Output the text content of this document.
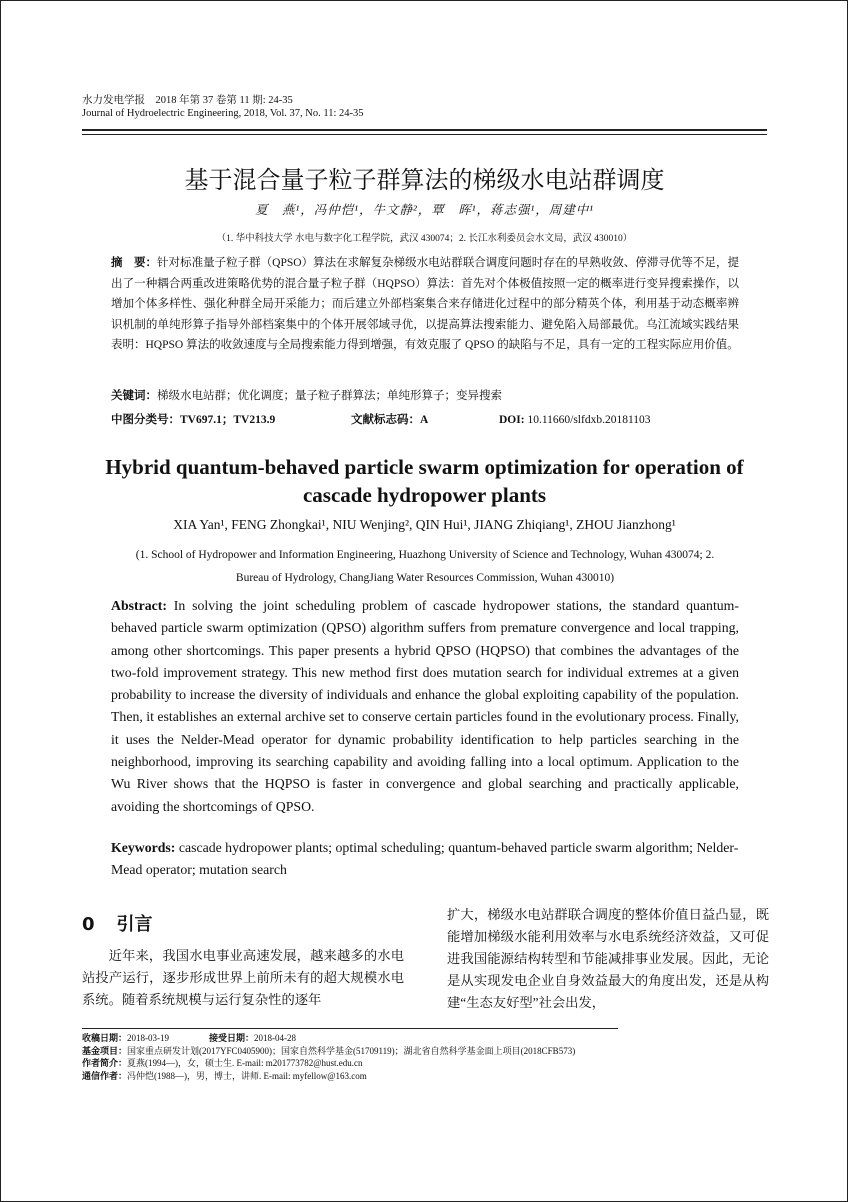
水力发电学报　2018 年第 37 卷第 11 期: 24-35
Journal of Hydroelectric Engineering, 2018, Vol. 37, No. 11: 24-35
基于混合量子粒子群算法的梯级水电站群调度
夏　燕¹，冯仲恺¹，牛文静²，覃　晖¹，蒋志强¹，周建中¹
（1. 华中科技大学 水电与数字化工程学院，武汉 430074；2. 长江水利委员会水文局，武汉 430010）
摘　要：针对标准量子粒子群（QPSO）算法在求解复杂梯级水电站群联合调度问题时存在的早熟收敛、停滞寻优等不足，提出了一种耦合两重改进策略优势的混合量子粒子群（HQPSO）算法：首先对个体极值按照一定的概率进行变异搜索操作，以增加个体多样性、强化种群全局开采能力；而后建立外部档案集合来存储进化过程中的部分精英个体，利用基于动态概率辨识机制的单纯形算子指导外部档案集中的个体开展邻域寻优，以提高算法搜索能力、避免陷入局部最优。乌江流域实践结果表明：HQPSO 算法的收敛速度与全局搜索能力得到增强，有效克服了 QPSO 的缺陷与不足，具有一定的工程实际应用价值。
关键词：梯级水电站群；优化调度；量子粒子群算法；单纯形算子；变异搜索
中图分类号：TV697.1；TV213.9	文献标志码：A	DOI: 10.11660/slfdxb.20181103
Hybrid quantum-behaved particle swarm optimization for operation of cascade hydropower plants
XIA Yan¹, FENG Zhongkai¹, NIU Wenjing², QIN Hui¹, JIANG Zhiqiang¹, ZHOU Jianzhong¹
(1. School of Hydropower and Information Engineering, Huazhong University of Science and Technology, Wuhan 430074; 2. Bureau of Hydrology, ChangJiang Water Resources Commission, Wuhan 430010)
Abstract: In solving the joint scheduling problem of cascade hydropower stations, the standard quantum-behaved particle swarm optimization (QPSO) algorithm suffers from premature convergence and local trapping, among other shortcomings. This paper presents a hybrid QPSO (HQPSO) that combines the advantages of the two-fold improvement strategy. This new method first does mutation search for individual extremes at a given probability to increase the diversity of individuals and enhance the global exploiting capability of the population. Then, it establishes an external archive set to conserve certain particles found in the evolutionary process. Finally, it uses the Nelder-Mead operator for dynamic probability identification to help particles searching in the neighborhood, improving its searching capability and avoiding falling into a local optimum. Application to the Wu River shows that the HQPSO is faster in convergence and global searching and practically applicable, avoiding the shortcomings of QPSO.
Keywords: cascade hydropower plants; optimal scheduling; quantum-behaved particle swarm algorithm; Nelder-Mead operator; mutation search
0 引言

近年来，我国水电事业高速发展，越来越多的水电站投产运行，逐步形成世界上前所未有的超大规模水电系统。随着系统规模与运行复杂性的逐年

扩大，梯级水电站群联合调度的整体价值日益凸显，既能增加梯级水能利用效率与水电系统经济效益，又可促进我国能源结构转型和节能减排事业发展。因此，无论是从实现发电企业自身效益最大的角度出发，还是从构建“生态友好型”社会出发，

收稿日期：2018-03-19	接受日期：2018-04-28

基金项目：国家重点研发计划(2017YFC0405900)；国家自然科学基金(51709119)；湖北省自然科学基金面上项目(2018CFB573)

作者简介：夏燕(1994—)，女，硕士生. E-mail: m201773782@hust.edu.cn

通信作者：冯仲恺(1988—)，男，博士，讲师. E-mail: myfellow@163.com
